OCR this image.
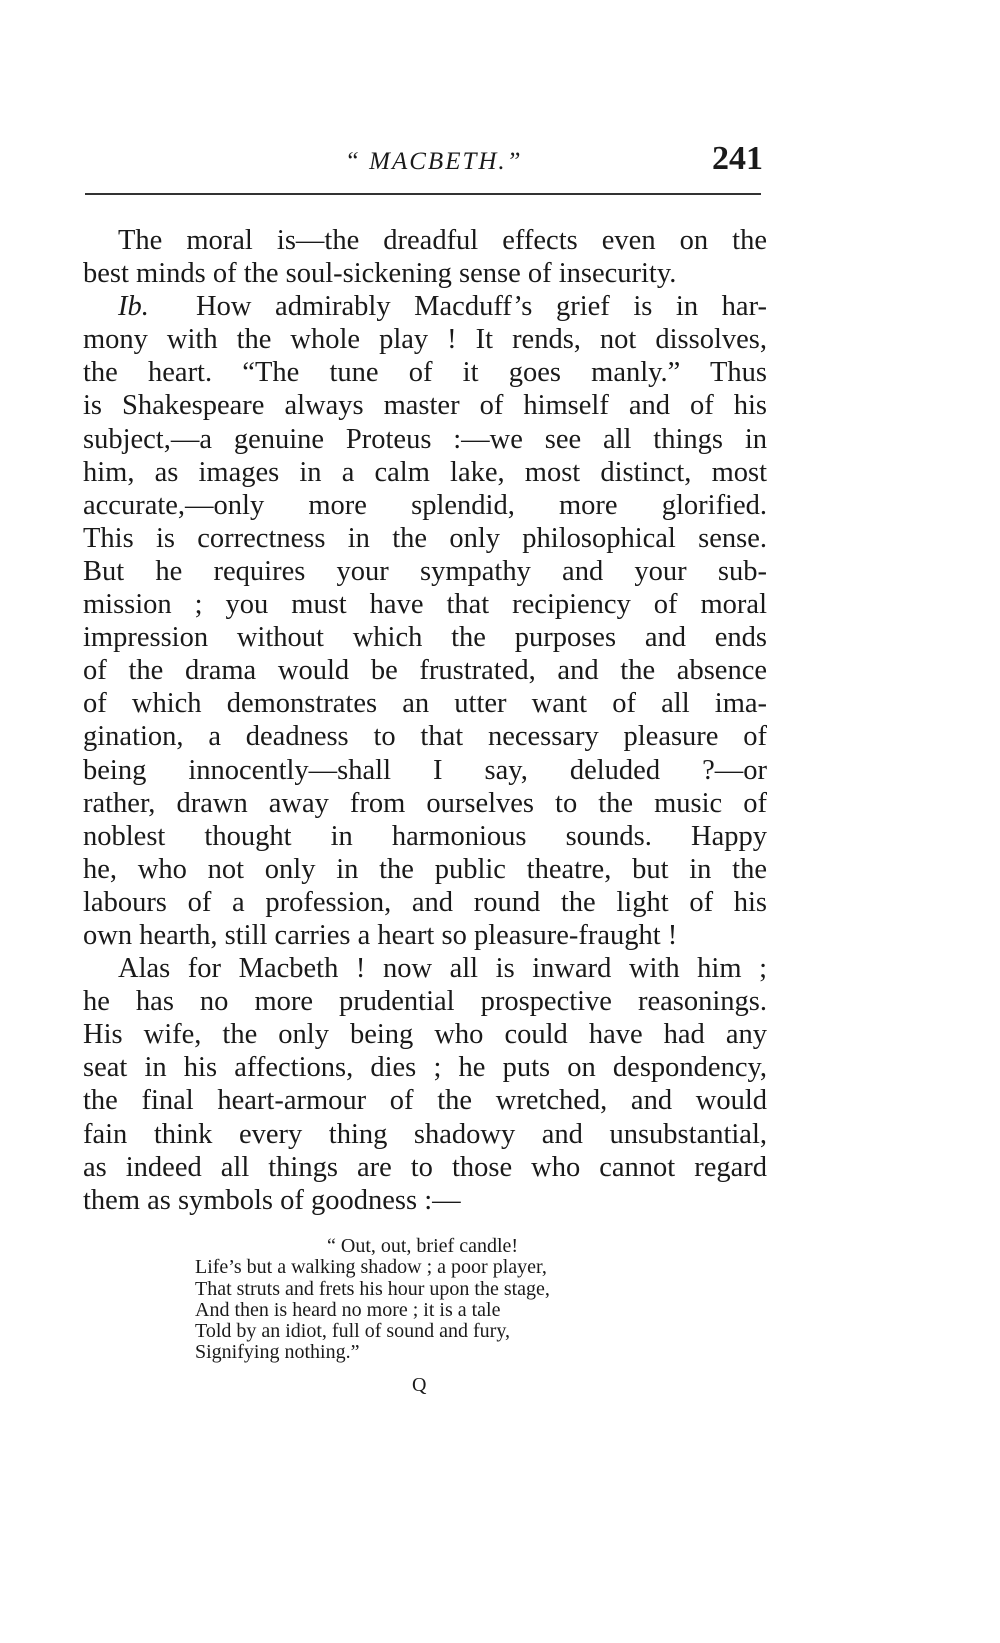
“ MACBETH.”	241
The moral is—the dreadful effects even on the
best minds of the soul-sickening sense of insecurity.
Ib. How admirably Macduff’s grief is in har-
mony with the whole play ! It rends, not dissolves,
the heart. “The tune of it goes manly.” Thus
is Shakespeare always master of himself and of his
subject,—a genuine Proteus :—we see all things in
him, as images in a calm lake, most distinct, most
accurate,—only more splendid, more glorified.
This is correctness in the only philosophical sense.
But he requires your sympathy and your sub-
mission ; you must have that recipiency of moral
impression without which the purposes and ends
of the drama would be frustrated, and the absence
of which demonstrates an utter want of all ima-
gination, a deadness to that necessary pleasure of
being innocently—shall I say, deluded ?—or
rather, drawn away from ourselves to the music of
noblest thought in harmonious sounds. Happy
he, who not only in the public theatre, but in the
labours of a profession, and round the light of his
own hearth, still carries a heart so pleasure-fraught !
Alas for Macbeth ! now all is inward with him ;
he has no more prudential prospective reasonings.
His wife, the only being who could have had any
seat in his affections, dies ; he puts on despondency,
the final heart-armour of the wretched, and would
fain think every thing shadowy and unsubstantial,
as indeed all things are to those who cannot regard
them as symbols of goodness :—
“ Out, out, brief candle!
Life’s but a walking shadow ; a poor player,
That struts and frets his hour upon the stage,
And then is heard no more ; it is a tale
Told by an idiot, full of sound and fury,
Signifying nothing.”
Q
